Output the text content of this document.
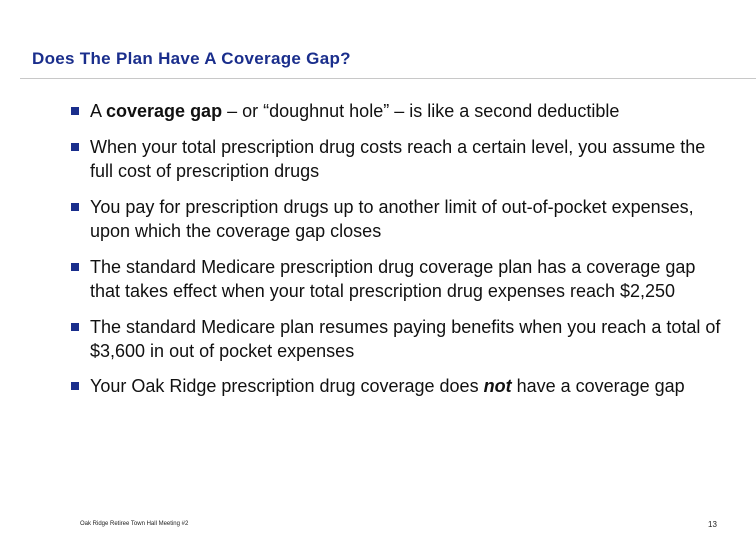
Does The Plan Have A Coverage Gap?
A coverage gap – or “doughnut hole” – is like a second deductible
When your total prescription drug costs reach a certain level, you assume the full cost of prescription drugs
You pay for prescription drugs up to another limit of out-of-pocket expenses, upon which the coverage gap closes
The standard Medicare prescription drug coverage plan has a coverage gap that takes effect when your total prescription drug expenses reach $2,250
The standard Medicare plan resumes paying benefits when you reach a total of $3,600 in out of pocket expenses
Your Oak Ridge prescription drug coverage does not have a coverage gap
Oak Ridge Retiree Town Hall Meeting #2	13
